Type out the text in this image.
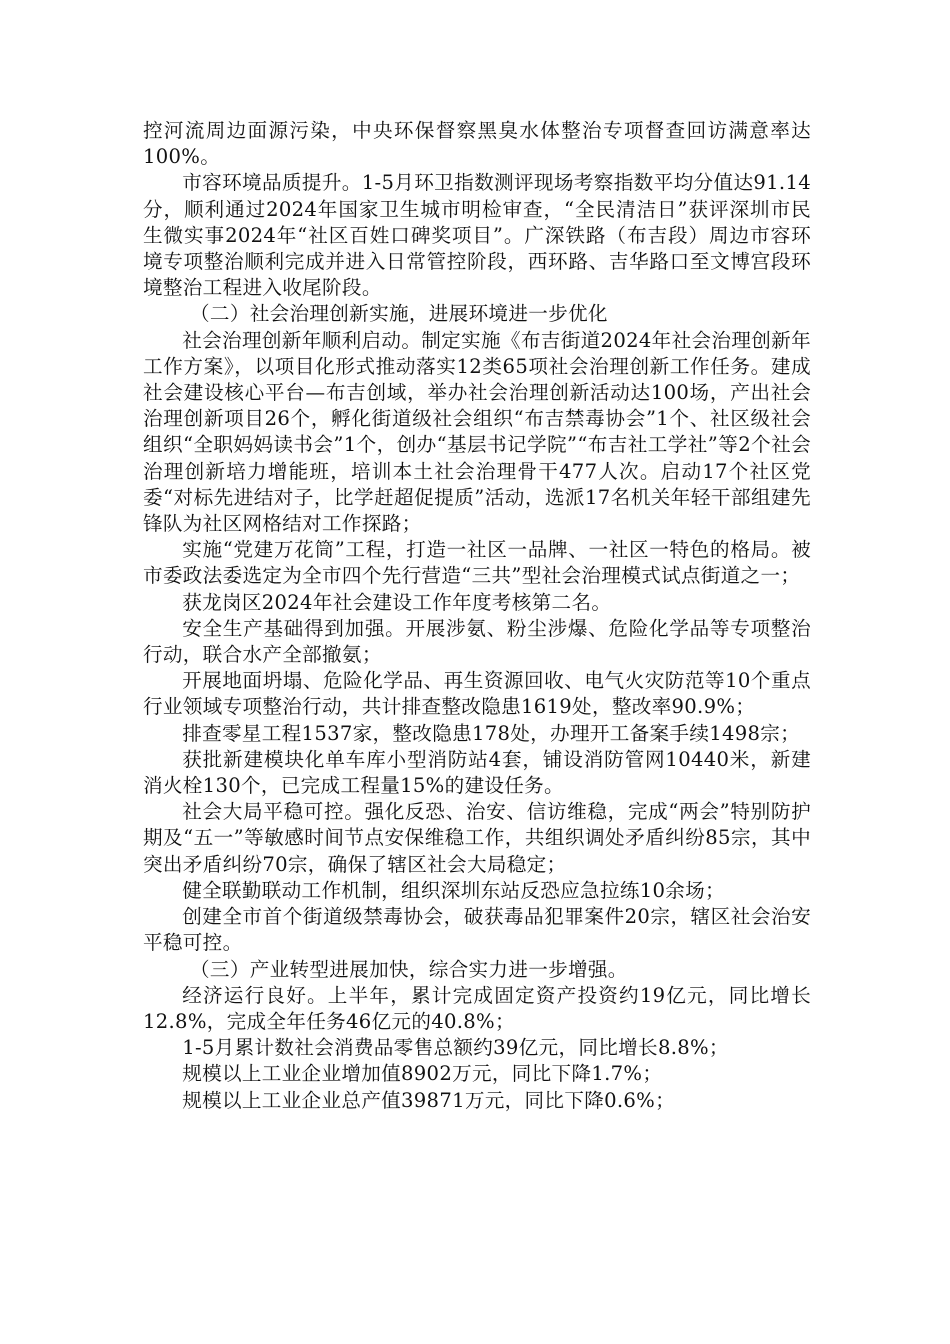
控河流周边面源污染，中央环保督察黑臭水体整治专项督查回访满意率达100%。

市容环境品质提升。1-5月环卫指数测评现场考察指数平均分值达91.14分，顺利通过2024年国家卫生城市明检审查，“全民清洁日”获评深圳市民生微实事2024年“社区百姓口碑奖项目”。广深铁路（布吉段）周边市容环境专项整治顺利完成并进入日常管控阶段，西环路、吉华路口至文博宫段环境整治工程进入收尾阶段。

（二）社会治理创新实施，进展环境进一步优化

社会治理创新年顺利启动。制定实施《布吉街道2024年社会治理创新年工作方案》，以项目化形式推动落实12类65项社会治理创新工作任务。建成社会建设核心平台—布吉创域，举办社会治理创新活动达100场，产出社会治理创新项目26个，孵化街道级社会组织“布吉禁毒协会”1个、社区级社会组织“全职妈妈读书会”1个，创办“基层书记学院”“布吉社工学社”等2个社会治理创新培力增能班，培训本土社会治理骨干477人次。启动17个社区党委“对标先进结对子，比学赶超促提质”活动，选派17名机关年轻干部组建先锋队为社区网格结对工作探路；

实施“党建万花筒”工程，打造一社区一品牌、一社区一特色的格局。被市委政法委选定为全市四个先行营造“三共”型社会治理模式试点街道之一；

获龙岗区2024年社会建设工作年度考核第二名。

安全生产基础得到加强。开展涉氨、粉尘涉爆、危险化学品等专项整治行动，联合水产全部撤氨；

开展地面坍塌、危险化学品、再生资源回收、电气火灾防范等10个重点行业领域专项整治行动，共计排查整改隐患1619处，整改率90.9%；

排查零星工程1537家，整改隐患178处，办理开工备案手续1498宗；

获批新建模块化单车库小型消防站4套，铺设消防管网10440米，新建消火栓130个，已完成工程量15%的建设任务。

社会大局平稳可控。强化反恐、治安、信访维稳，完成“两会”特别防护期及“五一”等敏感时间节点安保维稳工作，共组织调处矛盾纠纷85宗，其中突出矛盾纠纷70宗，确保了辖区社会大局稳定；

健全联勤联动工作机制，组织深圳东站反恐应急拉练10余场；

创建全市首个街道级禁毒协会，破获毒品犯罪案件20宗，辖区社会治安平稳可控。

（三）产业转型进展加快，综合实力进一步增强。

经济运行良好。上半年，累计完成固定资产投资约19亿元，同比增长12.8%，完成全年任务46亿元的40.8%；

1-5月累计数社会消费品零售总额约39亿元，同比增长8.8%；

规模以上工业企业增加值8902万元，同比下降1.7%；

规模以上工业企业总产值39871万元，同比下降0.6%；
